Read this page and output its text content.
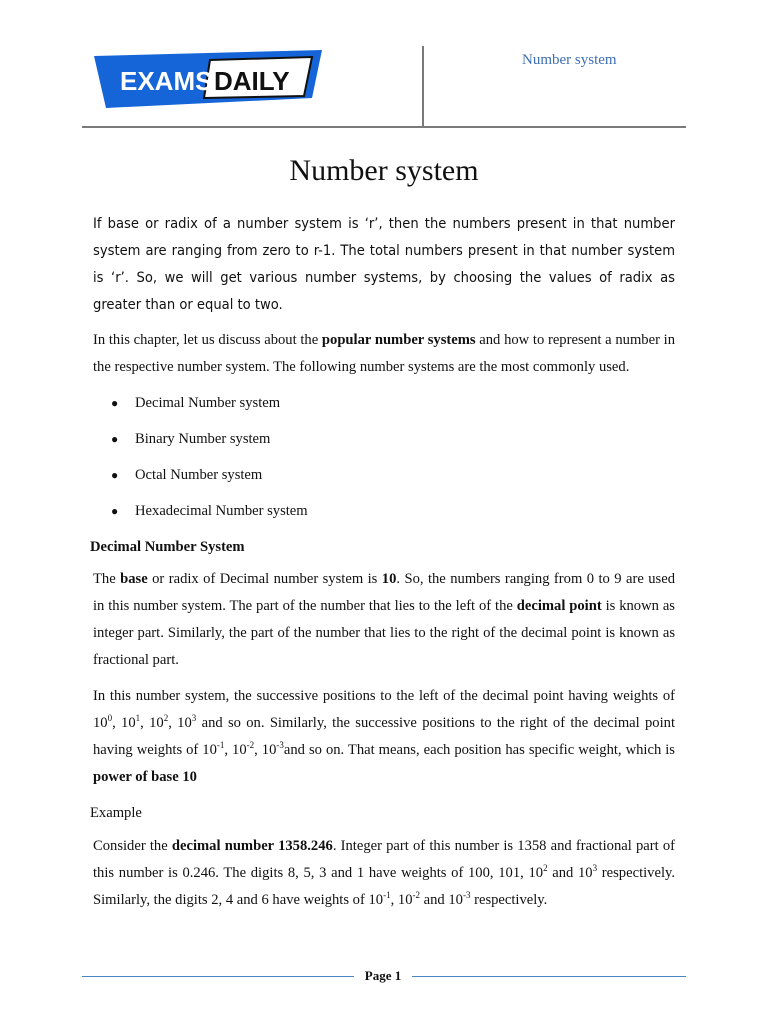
EXAMS DAILY
Number system
Number system

If base or radix of a number system is ‘r’, then the numbers present in that number system are ranging from zero to r-1. The total numbers present in that number system is ‘r’. So, we will get various number systems, by choosing the values of radix as greater than or equal to two.

In this chapter, let us discuss about the popular number systems and how to represent a number in the respective number system. The following number systems are the most commonly used.

● Decimal Number system
● Binary Number system
● Octal Number system
● Hexadecimal Number system
Decimal Number System

The base or radix of Decimal number system is 10. So, the numbers ranging from 0 to 9 are used in this number system. The part of the number that lies to the left of the decimal point is known as integer part. Similarly, the part of the number that lies to the right of the decimal point is known as fractional part.

In this number system, the successive positions to the left of the decimal point having weights of $10^0$, $10^1$, $10^2$, $10^3$ and so on. Similarly, the successive positions to the right of the decimal point having weights of $10^{-1}$, $10^{-2}$, $10^{-3}and$ so on. That means, each position has specific weight, which is power of base 10

Example

Consider the decimal number 1358.246. Integer part of this number is 1358 and fractional part of this number is 0.246. The digits 8, 5, 3 and 1 have weights of 100, 101, $10^2$ and $10^3$ respectively. Similarly, the digits 2, 4 and 6 have weights of $10^{-1}$, $10^{-2}$ and $10^{-3}$ respectively.

Page 1
